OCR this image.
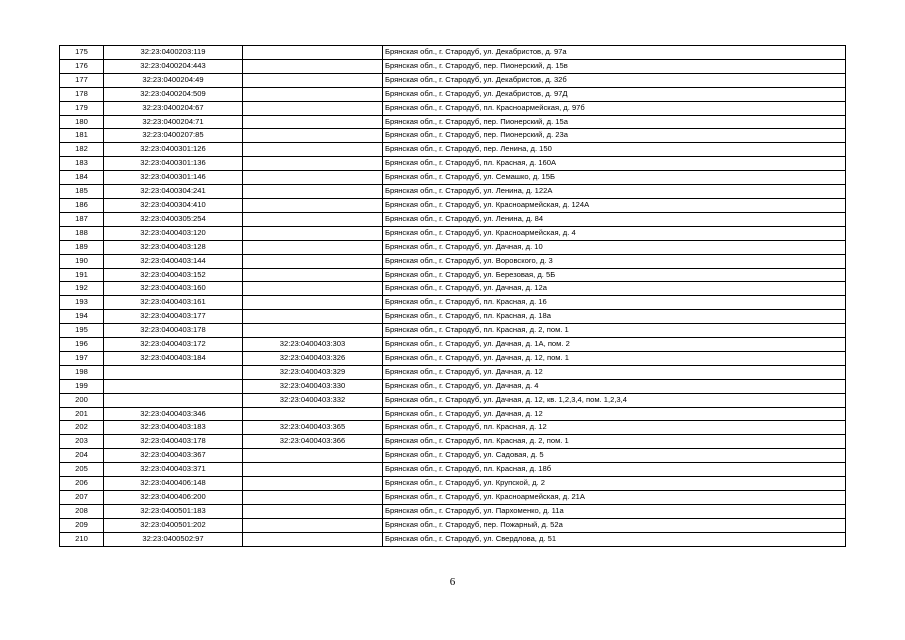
175	32:23:0400203:119		Брянская обл., г. Стародуб, ул. Декабристов, д. 97а
176	32:23:0400204:443		Брянская обл., г. Стародуб, пер. Пионерский, д. 15в
177	32:23:0400204:49		Брянская обл., г. Стародуб, ул. Декабристов, д. 32б
178	32:23:0400204:509		Брянская обл., г. Стародуб, ул. Декабристов, д. 97Д
179	32:23:0400204:67		Брянская обл., г. Стародуб, пл. Красноармейская, д. 97б
180	32:23:0400204:71		Брянская обл., г. Стародуб, пер. Пионерский, д. 15а
181	32:23:0400207:85		Брянская обл., г. Стародуб, пер. Пионерский, д. 23а
182	32:23:0400301:126		Брянская обл., г. Стародуб, пер. Ленина, д. 150
183	32:23:0400301:136		Брянская обл., г. Стародуб, пл. Красная, д. 160А
184	32:23:0400301:146		Брянская обл., г. Стародуб, ул. Семашко, д. 15Б
185	32:23:0400304:241		Брянская обл., г. Стародуб, ул. Ленина, д. 122А
186	32:23:0400304:410		Брянская обл., г. Стародуб, ул. Красноармейская, д. 124А
187	32:23:0400305:254		Брянская обл., г. Стародуб, ул. Ленина, д. 84
188	32:23:0400403:120		Брянская обл., г. Стародуб, ул. Красноармейская, д. 4
189	32:23:0400403:128		Брянская обл., г. Стародуб, ул. Дачная, д. 10
190	32:23:0400403:144		Брянская обл., г. Стародуб, ул. Воровского, д. 3
191	32:23:0400403:152		Брянская обл., г. Стародуб, ул. Березовая, д. 5Б
192	32:23:0400403:160		Брянская обл., г. Стародуб, ул. Дачная, д. 12а
193	32:23:0400403:161		Брянская обл., г. Стародуб, пл. Красная, д. 16
194	32:23:0400403:177		Брянская обл., г. Стародуб, пл. Красная, д. 18а
195	32:23:0400403:178		Брянская обл., г. Стародуб, пл. Красная, д. 2, пом. 1
196	32:23:0400403:172	32:23:0400403:303	Брянская обл., г. Стародуб, ул. Дачная, д. 1А, пом. 2
197	32:23:0400403:184	32:23:0400403:326	Брянская обл., г. Стародуб, ул. Дачная, д. 12, пом. 1
198		32:23:0400403:329	Брянская обл., г. Стародуб, ул. Дачная, д. 12
199		32:23:0400403:330	Брянская обл., г. Стародуб, ул. Дачная, д. 4
200		32:23:0400403:332	Брянская обл., г. Стародуб, ул. Дачная, д. 12, кв. 1,2,3,4, пом. 1,2,3,4
201	32:23:0400403:346		Брянская обл., г. Стародуб, ул. Дачная, д. 12
202	32:23:0400403:183	32:23:0400403:365	Брянская обл., г. Стародуб, пл. Красная, д. 12
203	32:23:0400403:178	32:23:0400403:366	Брянская обл., г. Стародуб, пл. Красная, д. 2, пом. 1
204	32:23:0400403:367		Брянская обл., г. Стародуб, ул. Садовая, д. 5
205	32:23:0400403:371		Брянская обл., г. Стародуб, пл. Красная, д. 18б
206	32:23:0400406:148		Брянская обл., г. Стародуб, ул. Крупской, д. 2
207	32:23:0400406:200		Брянская обл., г. Стародуб, ул. Красноармейская, д. 21А
208	32:23:0400501:183		Брянская обл., г. Стародуб, ул. Пархоменко, д. 11а
209	32:23:0400501:202		Брянская обл., г. Стародуб, пер. Пожарный, д. 52а
210	32:23:0400502:97		Брянская обл., г. Стародуб, ул. Свердлова, д. 51
6
